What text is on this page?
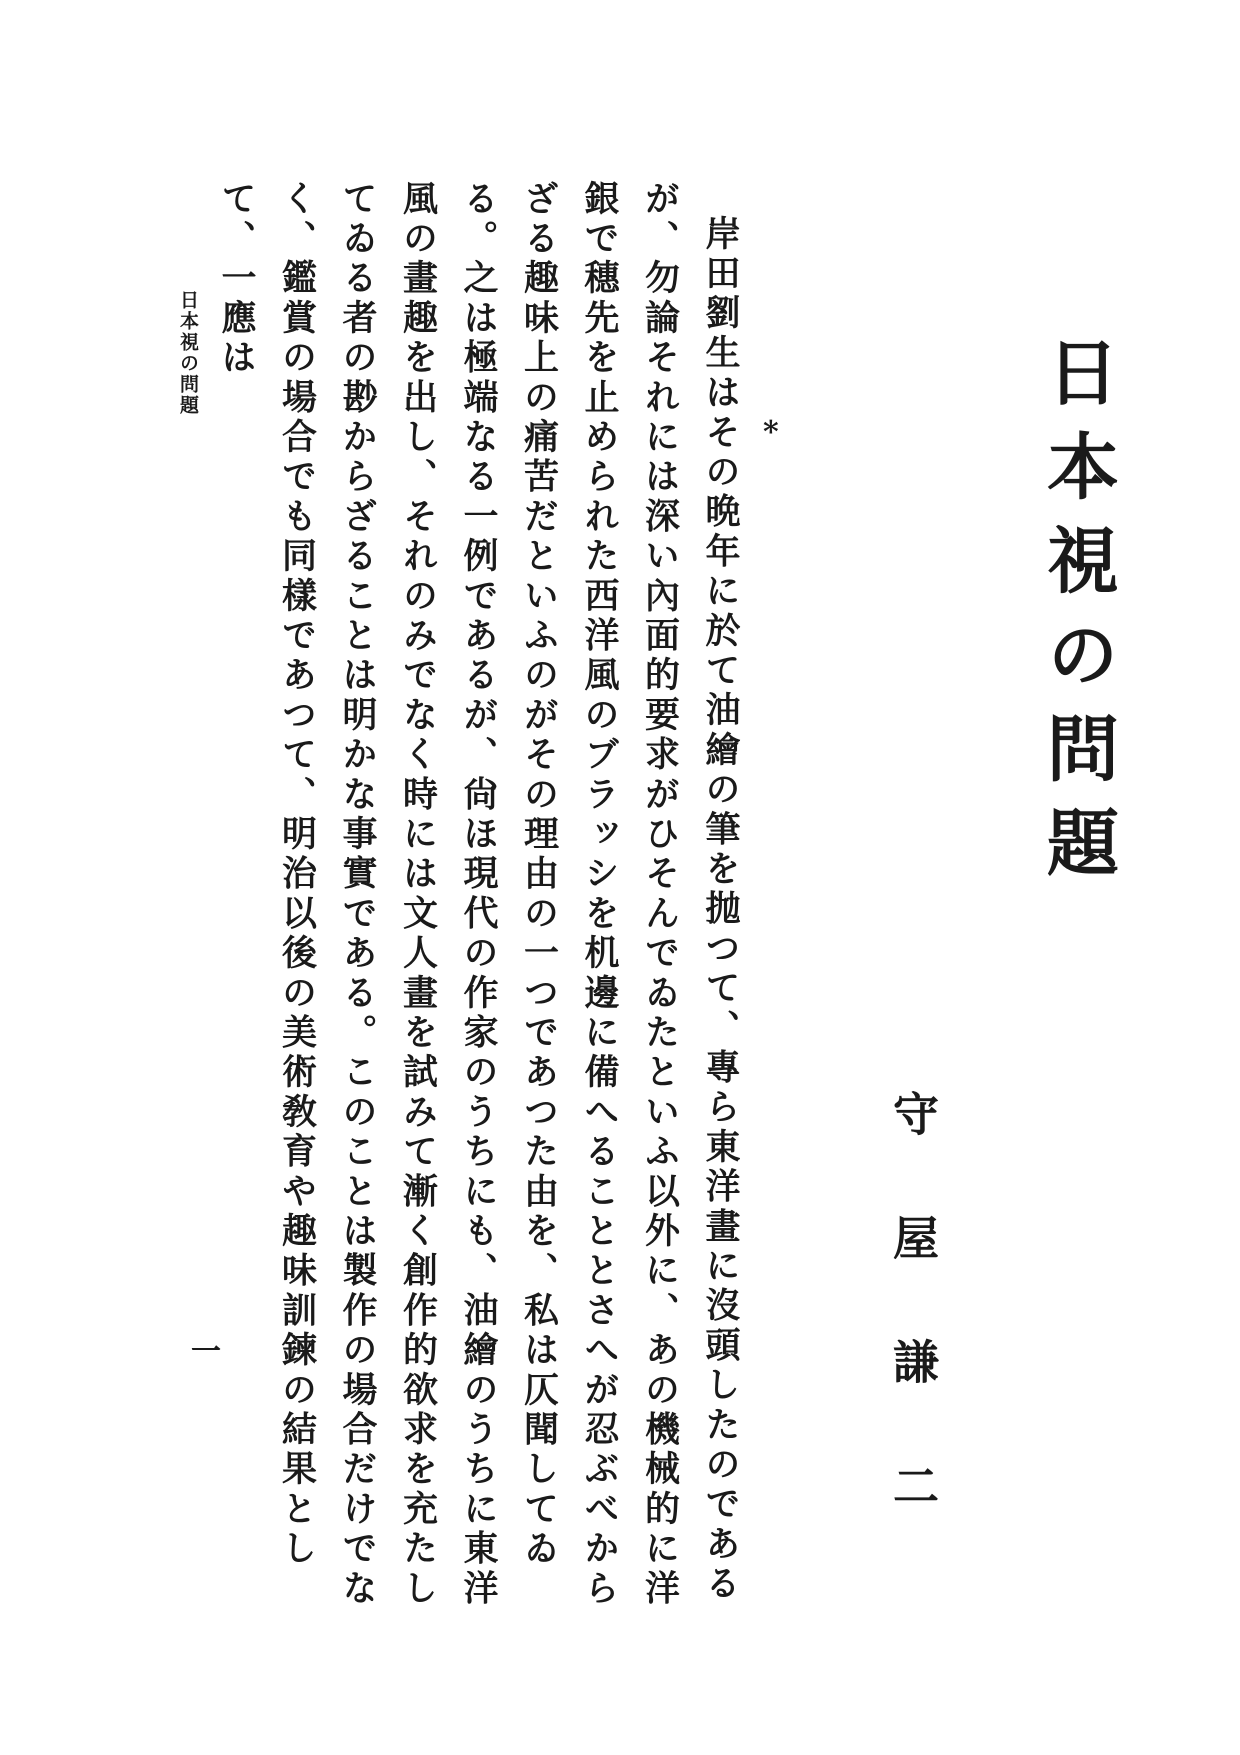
日本視の問題
*
守屋謙二

岸田劉生はその晩年に於て油繪の筆を抛つて、專ら東洋畫に沒頭したのであるが、勿論それには深い內面的要求がひそんでゐたといふ以外に、あの機械的に洋銀で穗先を止められた西洋風のブラッシを机邊に備へることとさへが忍ぶべからざる趣味上の痛苦だといふのがその理由の一つであつた由を、私は仄聞してゐる。之は極端なる一例であるが、尙ほ現代の作家のうちにも、油繪のうちに東洋風の畫趣を出し、それのみでなく時には文人畫を試みて漸く創作的欲求を充たしてゐる者の尠からざることは明かな事實である。このことは製作の場合だけでなく、鑑賞の場合でも同樣であつて、明治以後の美術敎育や趣味訓鍊の結果として、一應は

日本視の問題
一
